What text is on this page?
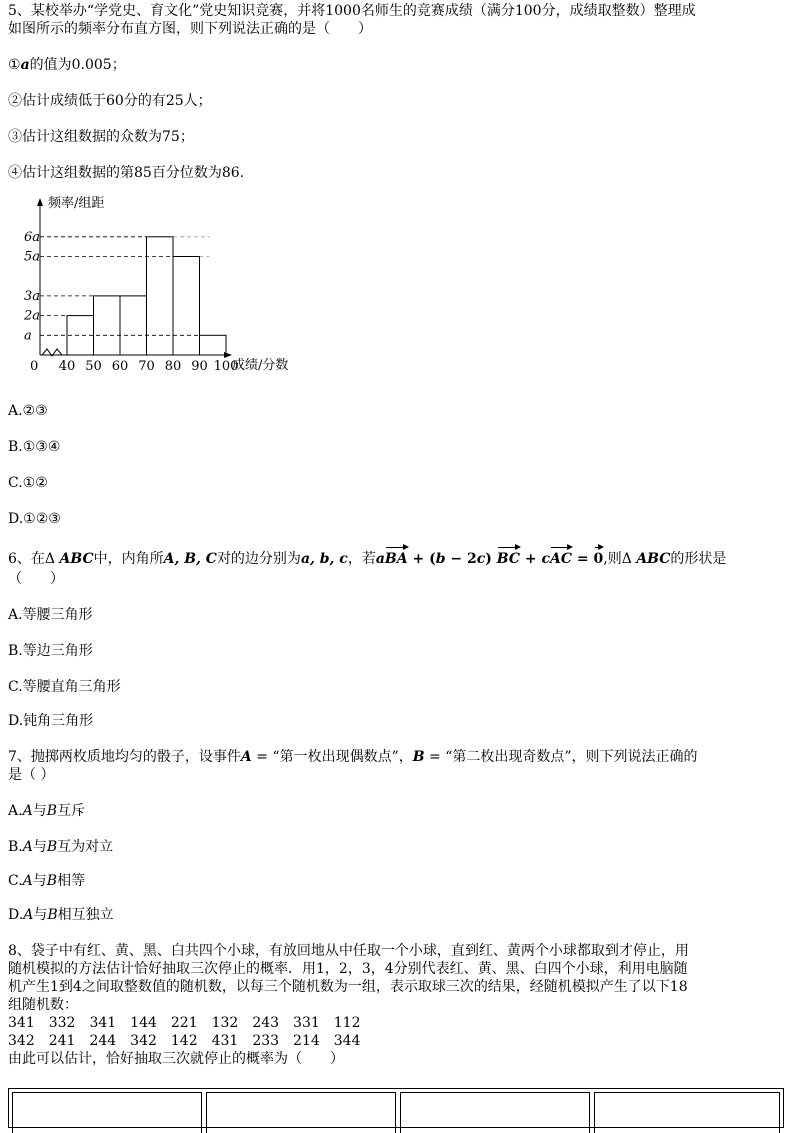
5、某校举办“学党史、育文化”党史知识竞赛，并将1000名师生的竞赛成绩（满分100分，成绩取整数）整理成
如图所示的频率分布直方图，则下列说法正确的是（　　）
①a的值为0.005；
②估计成绩低于60分的有25人；
③估计这组数据的众数为75；
④估计这组数据的第85百分位数为86.
频率/组距
成绩/分数
0
a
2a
3a
5a
6a
40 50 60 70 80 90 100
A.②③
B.①③④
C.①②
D.①②③
6、在Δ ABC中，内角所A, B, C对的边分别为a, b, c，若aBA + (b − 2c) BC + cAC = 0,则Δ ABC的形状是
（　　）
A.等腰三角形
B.等边三角形
C.等腰直角三角形
D.钝角三角形
7、抛掷两枚质地均匀的骰子，设事件A = “第一枚出现偶数点”，B = “第二枚出现奇数点”，则下列说法正确的
是（ ）
A.A与B互斥
B.A与B互为对立
C.A与B相等
D.A与B相互独立
8、袋子中有红、黄、黑、白共四个小球，有放回地从中任取一个小球，直到红、黄两个小球都取到才停止，用
随机模拟的方法估计恰好抽取三次停止的概率．用1，2，3，4分别代表红、黄、黑、白四个小球，利用电脑随
机产生1到4之间取整数值的随机数，以每三个随机数为一组，表示取球三次的结果，经随机模拟产生了以下18
组随机数：
341　332　341　144　221　132　243　331　112
342　241　244　342　142　431　233　214　344
由此可以估计，恰好抽取三次就停止的概率为（　　）
